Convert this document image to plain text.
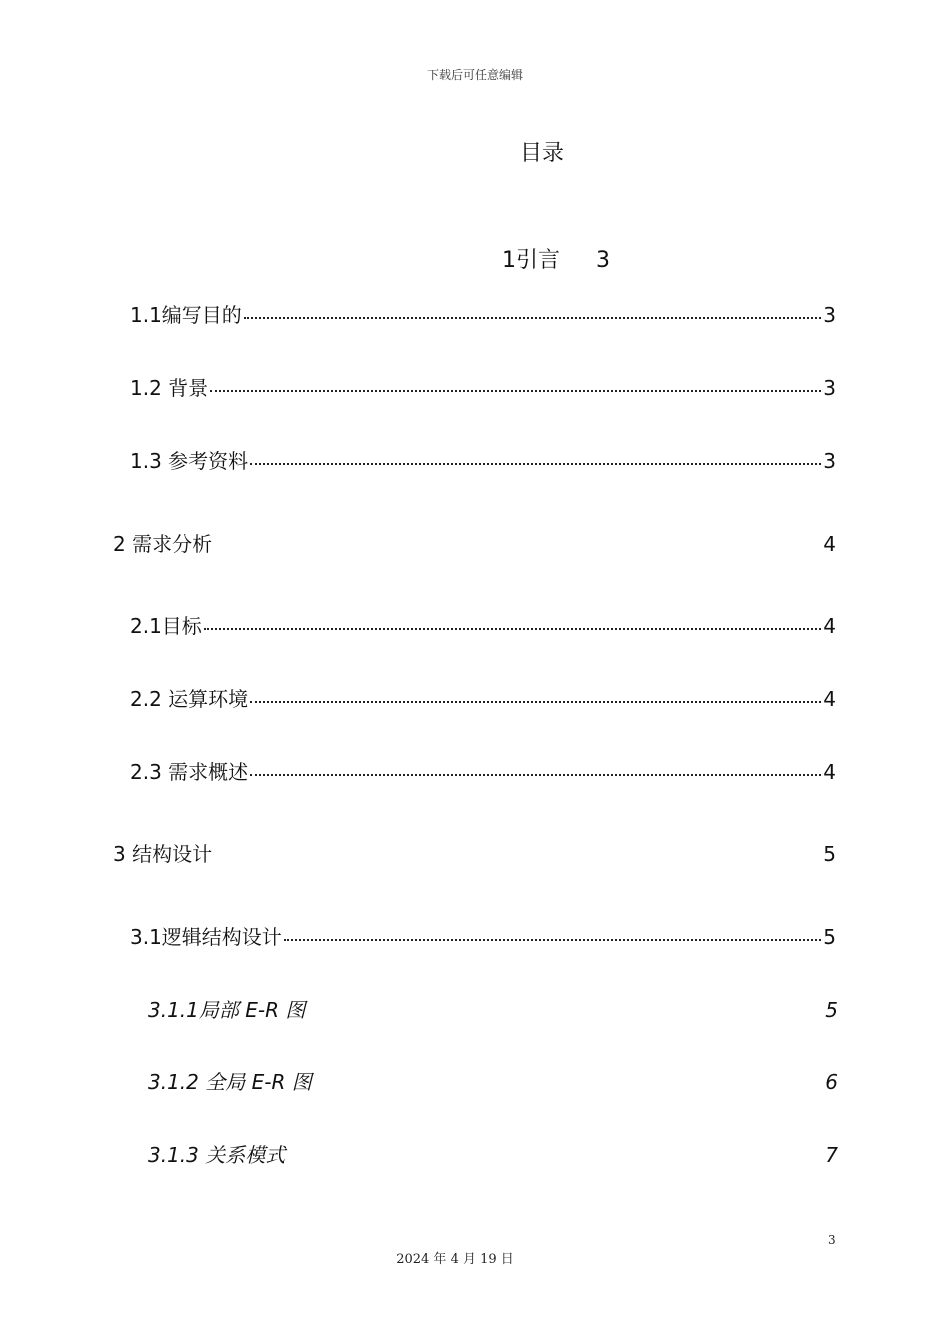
下载后可任意编辑
目录

1引言 3

1.1编写目的	3
1.2 背景	3
1.3 参考资料	3
2 需求分析	4
2.1目标	4
2.2 运算环境	4
2.3 需求概述	4
3 结构设计	5
3.1逻辑结构设计	5
3.1.1局部 E-R 图	5
3.1.2 全局 E-R 图	6
3.1.3 关系模式	7
3
2024 年 4 月 19 日
